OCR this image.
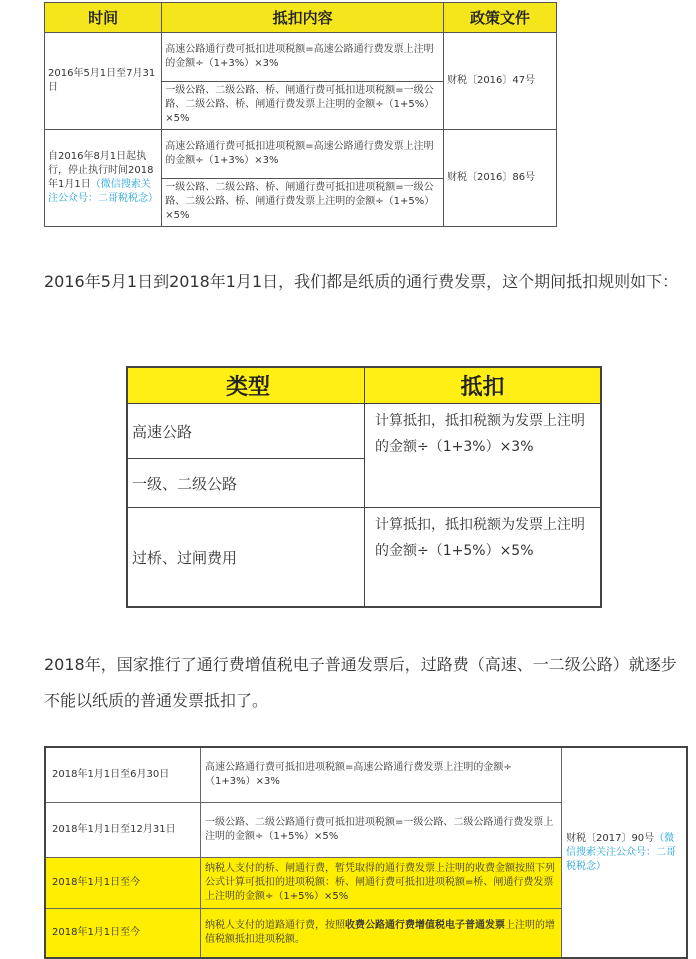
时间	抵扣内容	政策文件
2016年5月1日至7月31日	高速公路通行费可抵扣进项税额=高速公路通行费发票上注明的金额÷（1+3%）×3%	财税〔2016〕47号
	一级公路、二级公路、桥、闸通行费可抵扣进项税额=一级公路、二级公路、桥、闸通行费发票上注明的金额÷（1+5%）×5%	
自2016年8月1日起执行，停止执行时间2018年1月1日（微信搜索关注公众号：二哥税税念）	高速公路通行费可抵扣进项税额=高速公路通行费发票上注明的金额÷（1+3%）×3%	财税〔2016〕86号
	一级公路、二级公路、桥、闸通行费可抵扣进项税额=一级公路、二级公路、桥、闸通行费发票上注明的金额÷（1+5%）×5%	
2016年5月1日到2018年1月1日，我们都是纸质的通行费发票，这个期间抵扣规则如下：
类型	抵扣
高速公路	计算抵扣，抵扣税额为发票上注明的金额÷（1+3%）×3%
一级、二级公路	
过桥、过闸费用	计算抵扣，抵扣税额为发票上注明的金额÷（1+5%）×5%
2018年，国家推行了通行费增值税电子普通发票后，过路费（高速、一二级公路）就逐步不能以纸质的普通发票抵扣了。
2018年1月1日至6月30日	高速公路通行费可抵扣进项税额=高速公路通行费发票上注明的金额÷（1+3%）×3%	财税〔2017〕90号（微信搜索关注公众号：二哥税税念）
2018年1月1日至12月31日	一级公路、二级公路通行费可抵扣进项税额=一级公路、二级公路通行费发票上注明的金额÷（1+5%）×5%	
2018年1月1日至今	纳税人支付的桥、闸通行费，暂凭取得的通行费发票上注明的收费金额按照下列公式计算可抵扣的进项税额：桥、闸通行费可抵扣进项税额=桥、闸通行费发票上注明的金额÷（1+5%）×5%	
2018年1月1日至今	纳税人支付的道路通行费，按照收费公路通行费增值税电子普通发票上注明的增值税额抵扣进项税额。	
